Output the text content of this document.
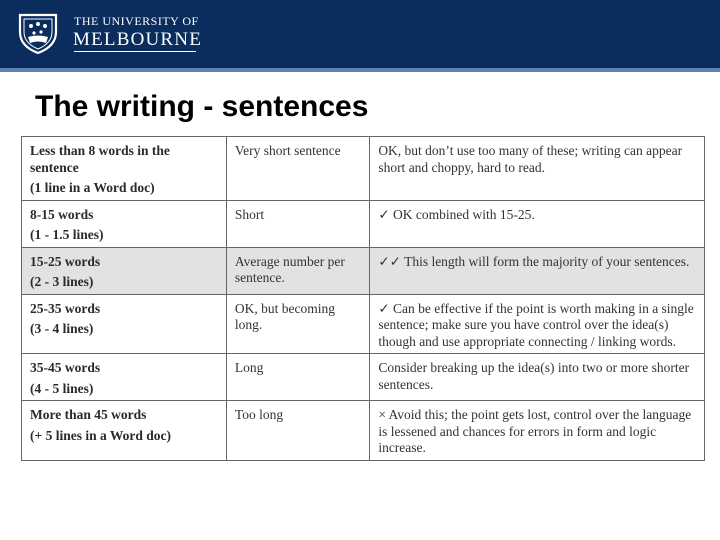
THE UNIVERSITY OF
MELBOURNE
The writing - sentences
Less than 8 words in the sentence
(1 line in a Word doc)	Very short sentence	OK, but don’t use too many of these; writing can appear short and choppy, hard to read.

8-15 words
(1 - 1.5 lines)	Short	✓ OK combined with 15-25.

15-25 words
(2 - 3 lines)	Average number per sentence.	✓✓ This length will form the majority of your sentences.

25-35 words
(3 - 4 lines)	OK, but becoming long.	✓ Can be effective if the point is worth making in a single sentence; make sure you have control over the idea(s) though and use appropriate connecting / linking words.

35-45 words
(4 - 5 lines)	Long	Consider breaking up the idea(s) into two or more shorter sentences.

More than 45 words
(+ 5 lines in a Word doc)	Too long	× Avoid this; the point gets lost, control over the language is lessened and chances for errors in form and logic increase.
